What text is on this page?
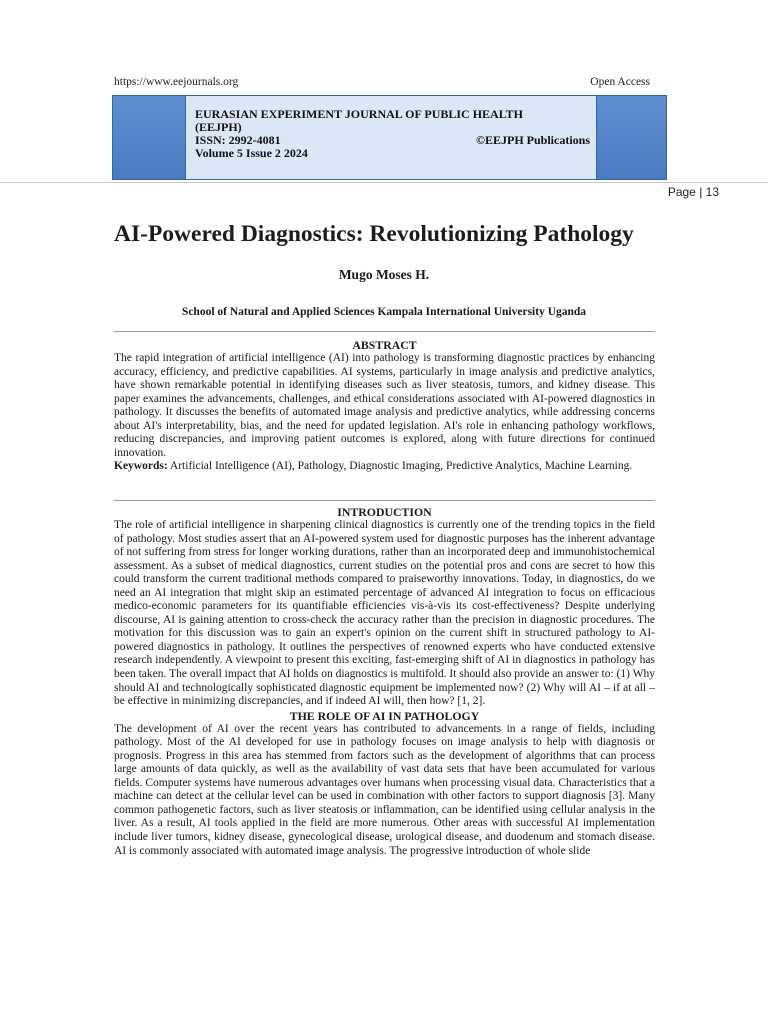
https://www.eejournals.org	Open Access
EURASIAN EXPERIMENT JOURNAL OF PUBLIC HEALTH
(EEJPH)
ISSN: 2992-4081	©EEJPH Publications
Volume 5 Issue 2 2024
Page | 13
AI-Powered Diagnostics: Revolutionizing Pathology
Mugo Moses H.
School of Natural and Applied Sciences Kampala International University Uganda
ABSTRACT

The rapid integration of artificial intelligence (AI) into pathology is transforming diagnostic practices by enhancing accuracy, efficiency, and predictive capabilities. AI systems, particularly in image analysis and predictive analytics, have shown remarkable potential in identifying diseases such as liver steatosis, tumors, and kidney disease. This paper examines the advancements, challenges, and ethical considerations associated with AI-powered diagnostics in pathology. It discusses the benefits of automated image analysis and predictive analytics, while addressing concerns about AI's interpretability, bias, and the need for updated legislation. AI's role in enhancing pathology workflows, reducing discrepancies, and improving patient outcomes is explored, along with future directions for continued innovation.

Keywords: Artificial Intelligence (AI), Pathology, Diagnostic Imaging, Predictive Analytics, Machine Learning.

INTRODUCTION

The role of artificial intelligence in sharpening clinical diagnostics is currently one of the trending topics in the field of pathology. Most studies assert that an AI-powered system used for diagnostic purposes has the inherent advantage of not suffering from stress for longer working durations, rather than an incorporated deep and immunohistochemical assessment. As a subset of medical diagnostics, current studies on the potential pros and cons are secret to how this could transform the current traditional methods compared to praiseworthy innovations. Today, in diagnostics, do we need an AI integration that might skip an estimated percentage of advanced AI integration to focus on efficacious medico-economic parameters for its quantifiable efficiencies vis-à-vis its cost-effectiveness? Despite underlying discourse, AI is gaining attention to cross-check the accuracy rather than the precision in diagnostic procedures. The motivation for this discussion was to gain an expert's opinion on the current shift in structured pathology to AI-powered diagnostics in pathology. It outlines the perspectives of renowned experts who have conducted extensive research independently. A viewpoint to present this exciting, fast-emerging shift of AI in diagnostics in pathology has been taken. The overall impact that AI holds on diagnostics is multifold. It should also provide an answer to: (1) Why should AI and technologically sophisticated diagnostic equipment be implemented now? (2) Why will AI – if at all – be effective in minimizing discrepancies, and if indeed AI will, then how? [1, 2].

THE ROLE OF AI IN PATHOLOGY

The development of AI over the recent years has contributed to advancements in a range of fields, including pathology. Most of the AI developed for use in pathology focuses on image analysis to help with diagnosis or prognosis. Progress in this area has stemmed from factors such as the development of algorithms that can process large amounts of data quickly, as well as the availability of vast data sets that have been accumulated for various fields. Computer systems have numerous advantages over humans when processing visual data. Characteristics that a machine can detect at the cellular level can be used in combination with other factors to support diagnosis [3]. Many common pathogenetic factors, such as liver steatosis or inflammation, can be identified using cellular analysis in the liver. As a result, AI tools applied in the field are more numerous. Other areas with successful AI implementation include liver tumors, kidney disease, gynecological disease, urological disease, and duodenum and stomach disease. AI is commonly associated with automated image analysis. The progressive introduction of whole slide
